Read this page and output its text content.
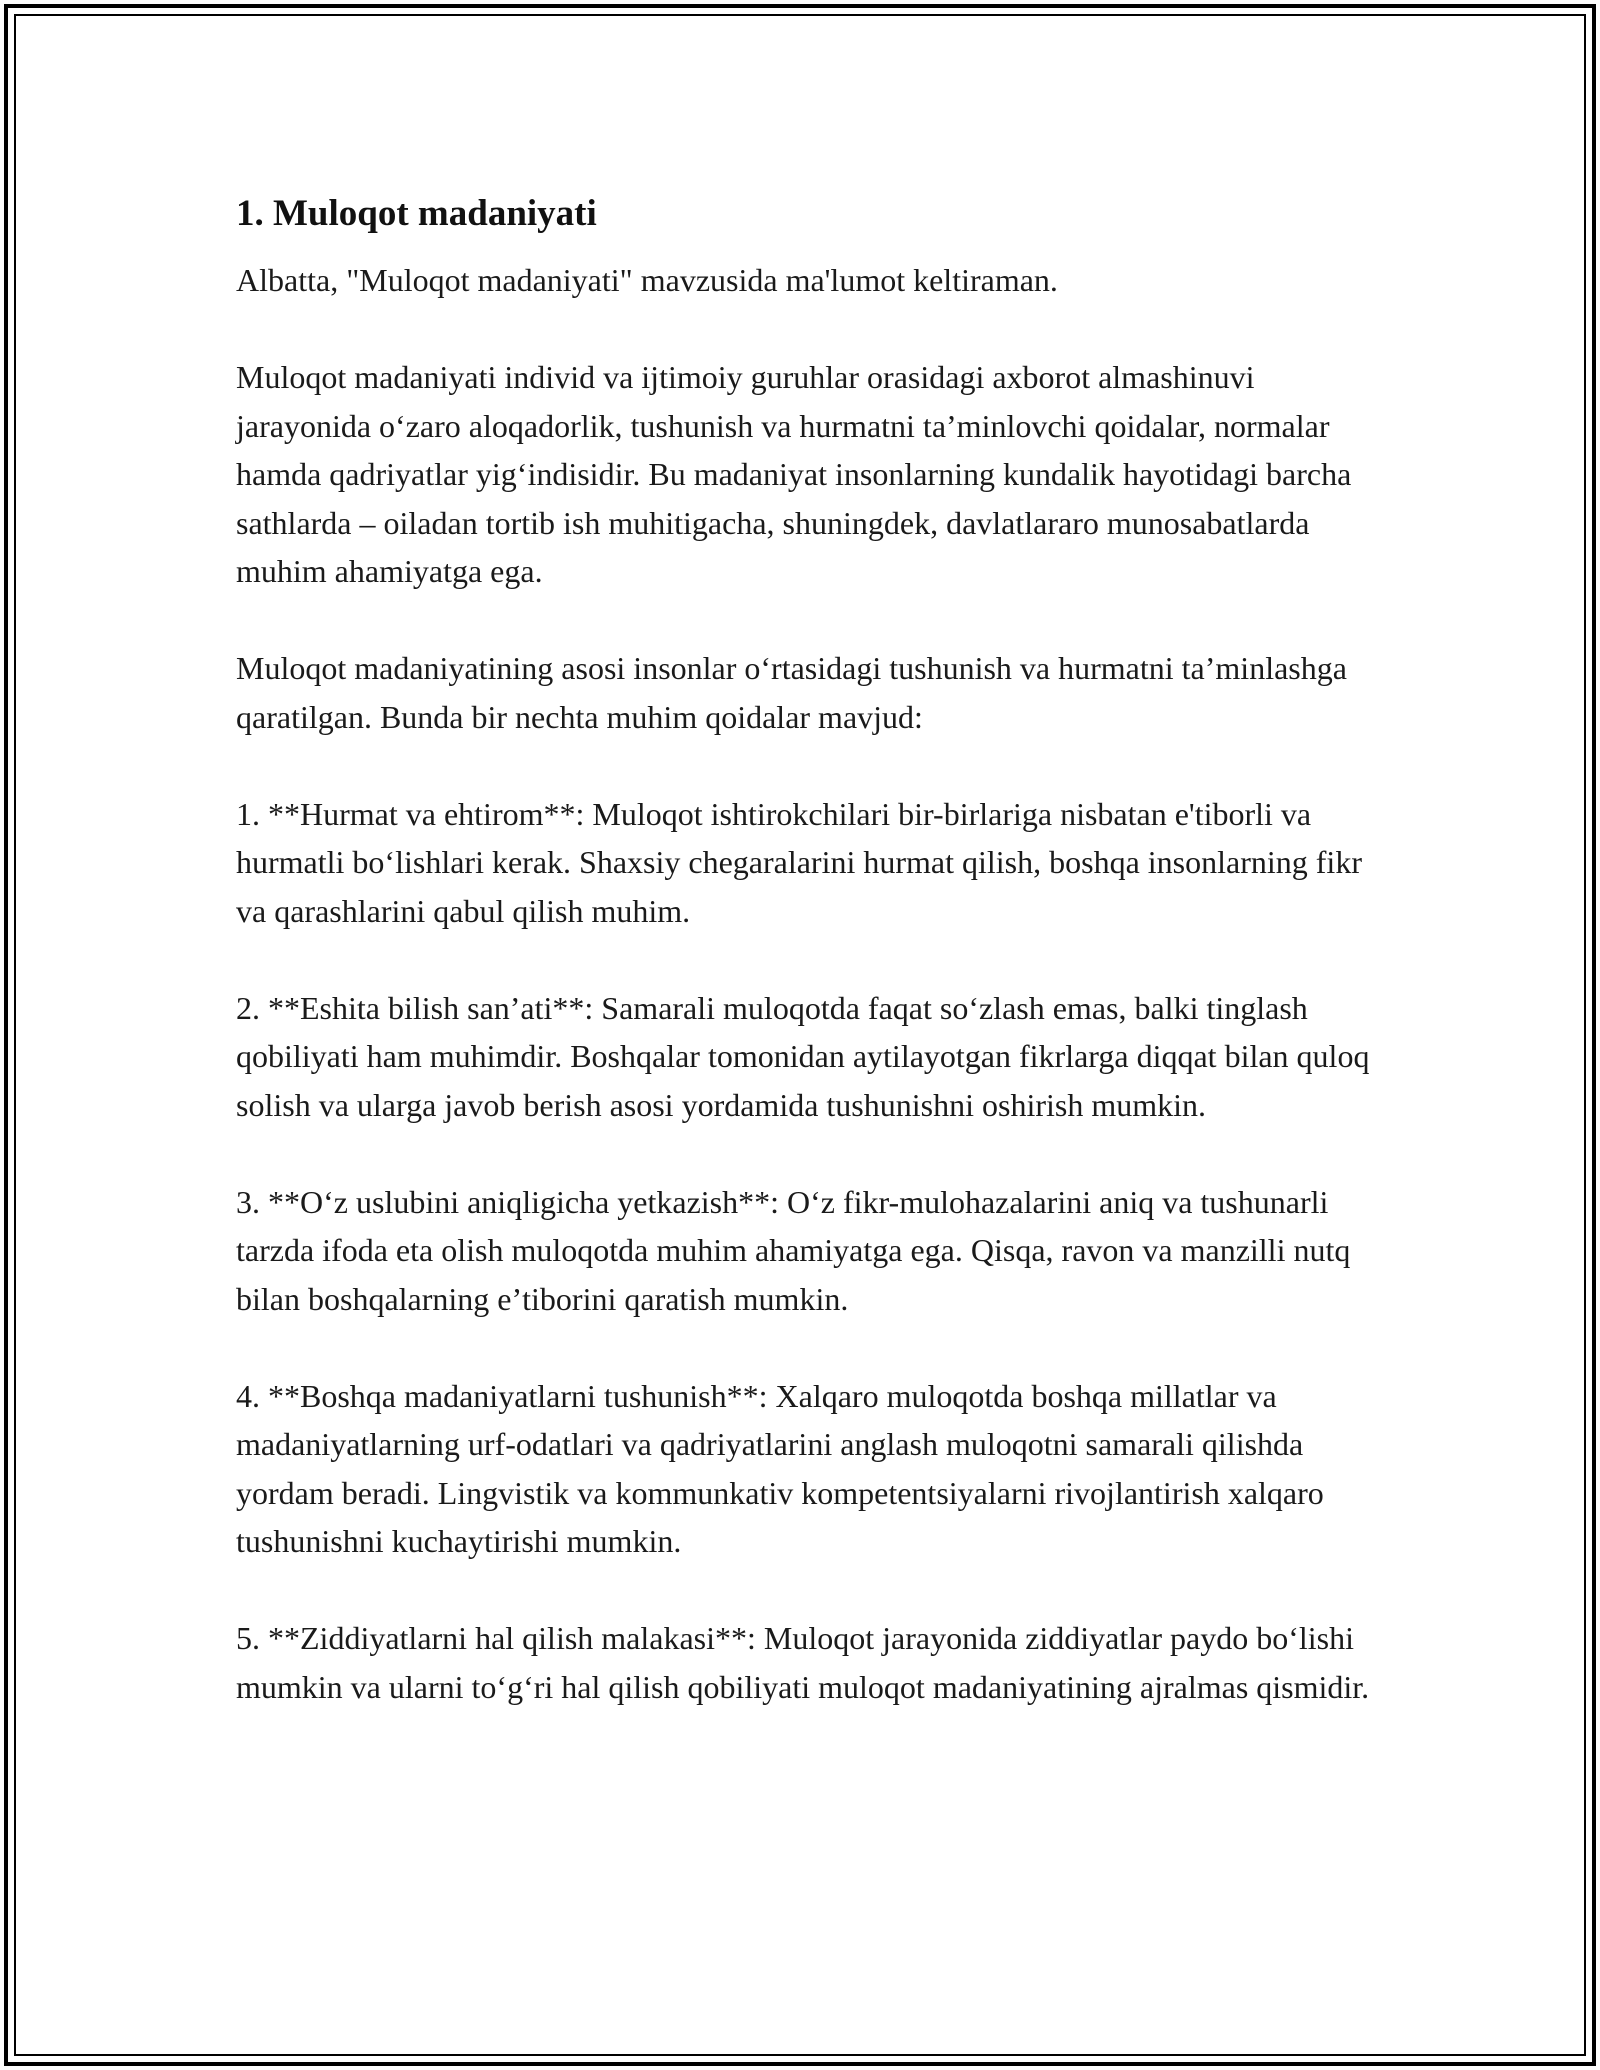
1. Muloqot madaniyati

Albatta, "Muloqot madaniyati" mavzusida ma'lumot keltiraman.

Muloqot madaniyati individ va ijtimoiy guruhlar orasidagi axborot almashinuvi jarayonida oʻzaro aloqadorlik, tushunish va hurmatni taʼminlovchi qoidalar, normalar hamda qadriyatlar yigʻindisidir. Bu madaniyat insonlarning kundalik hayotidagi barcha sathlarda – oiladan tortib ish muhitigacha, shuningdek, davlatlararo munosabatlarda muhim ahamiyatga ega.

Muloqot madaniyatining asosi insonlar oʻrtasidagi tushunish va hurmatni taʼminlashga qaratilgan. Bunda bir nechta muhim qoidalar mavjud:

1. **Hurmat va ehtirom**: Muloqot ishtirokchilari bir-birlariga nisbatan e'tiborli va hurmatli boʻlishlari kerak. Shaxsiy chegaralarini hurmat qilish, boshqa insonlarning fikr va qarashlarini qabul qilish muhim.

2. **Eshita bilish sanʼati**: Samarali muloqotda faqat soʻzlash emas, balki tinglash qobiliyati ham muhimdir. Boshqalar tomonidan aytilayotgan fikrlarga diqqat bilan quloq solish va ularga javob berish asosi yordamida tushunishni oshirish mumkin.

3. **Oʻz uslubini aniqligicha yetkazish**: Oʻz fikr-mulohazalarini aniq va tushunarli tarzda ifoda eta olish muloqotda muhim ahamiyatga ega. Qisqa, ravon va manzilli nutq bilan boshqalarning eʼtiborini qaratish mumkin.

4. **Boshqa madaniyatlarni tushunish**: Xalqaro muloqotda boshqa millatlar va madaniyatlarning urf-odatlari va qadriyatlarini anglash muloqotni samarali qilishda yordam beradi. Lingvistik va kommunkativ kompetentsiyalarni rivojlantirish xalqaro tushunishni kuchaytirishi mumkin.

5. **Ziddiyatlarni hal qilish malakasi**: Muloqot jarayonida ziddiyatlar paydo boʻlishi mumkin va ularni toʻgʻri hal qilish qobiliyati muloqot madaniyatining ajralmas qismidir.
